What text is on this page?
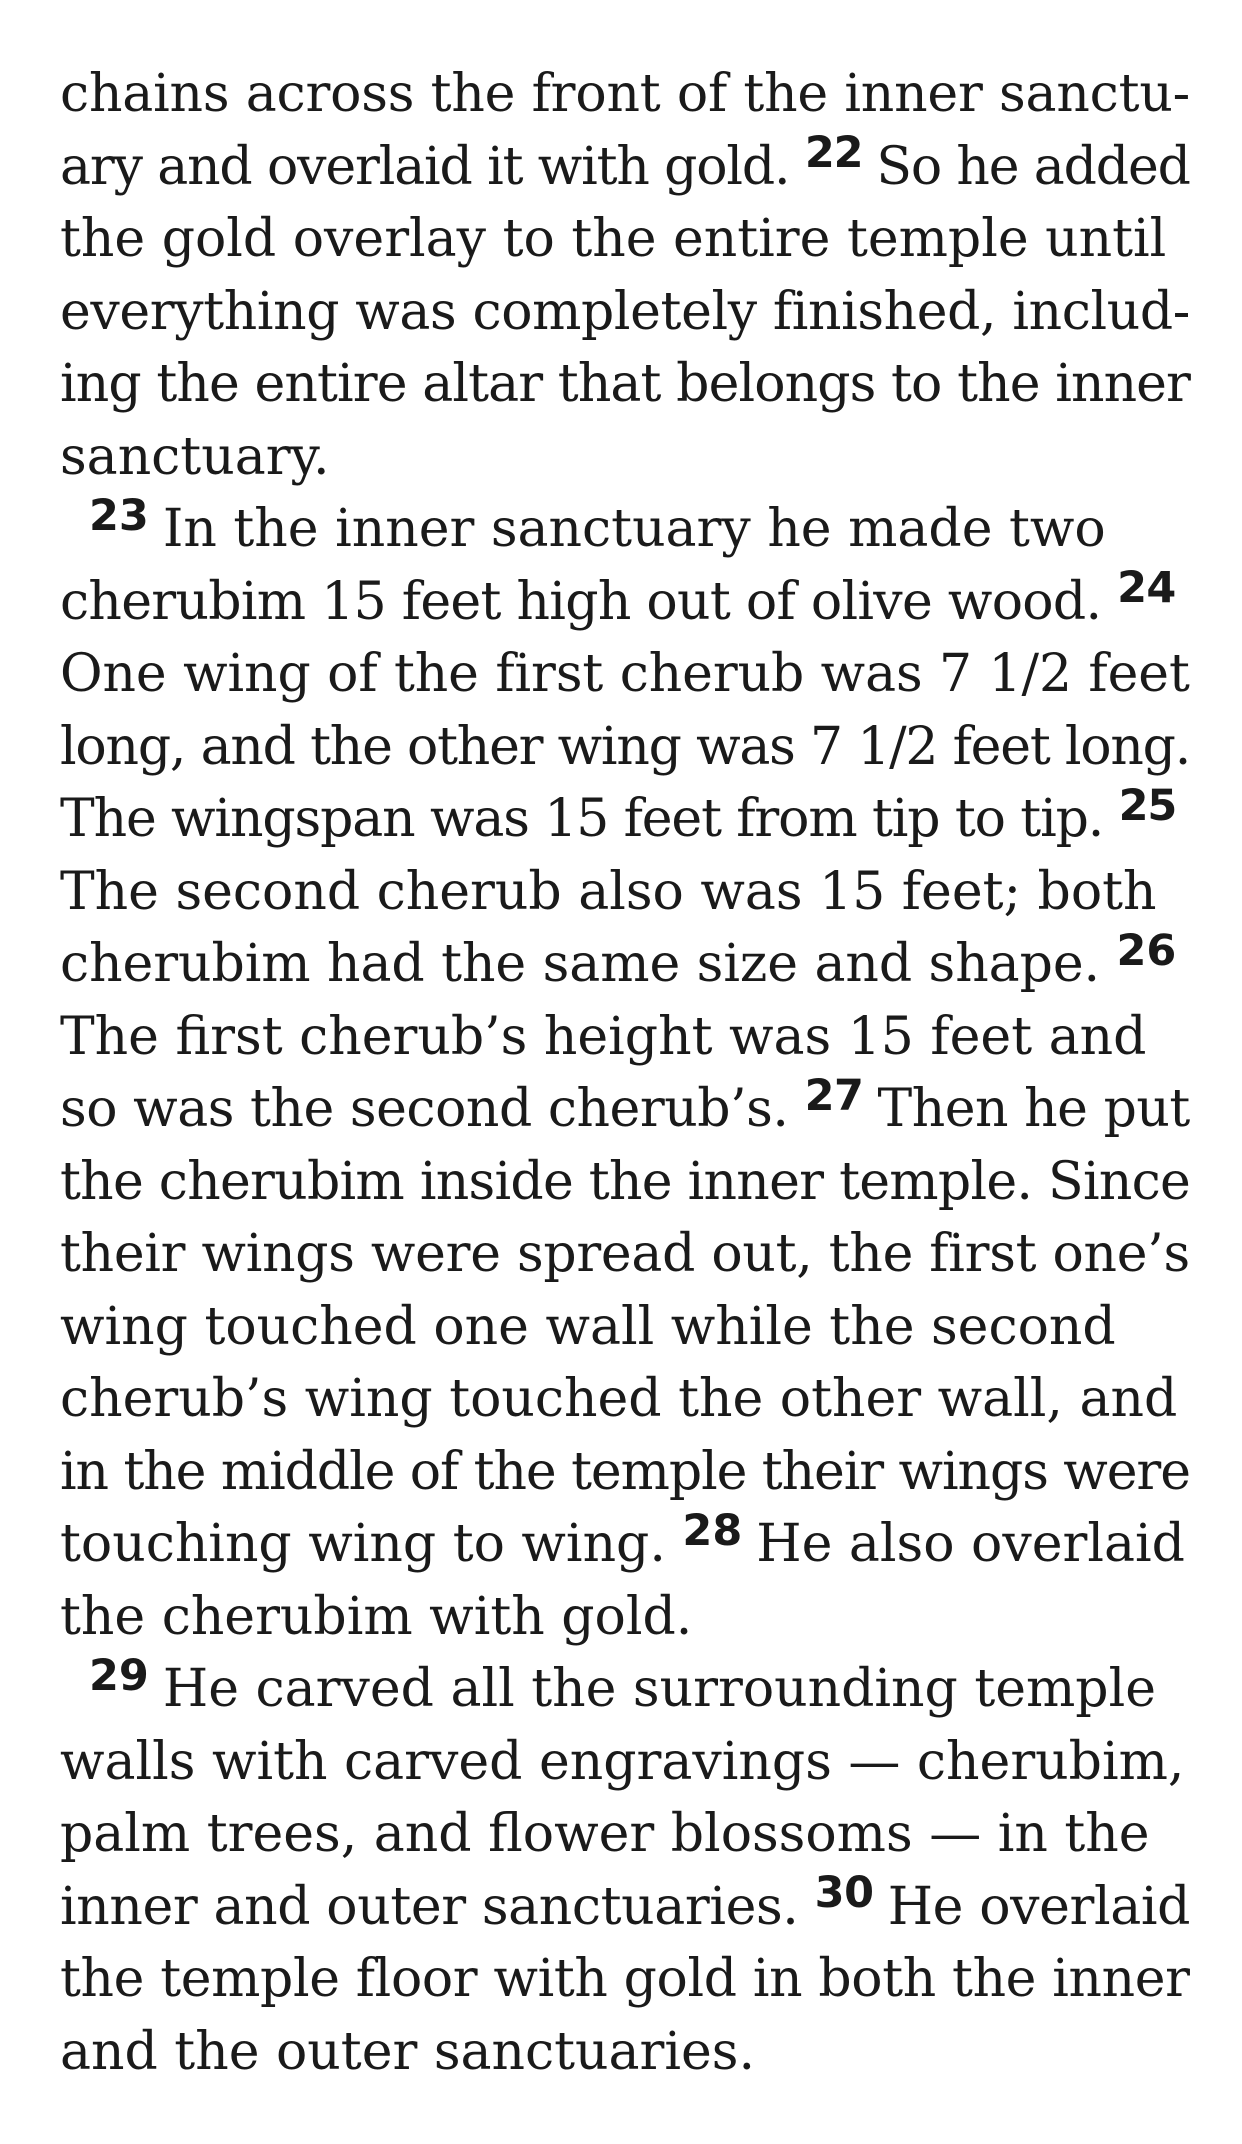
chains across the front of the inner sanctu-
ary and overlaid it with gold. $^{22}$ So he added
the gold overlay to the entire temple until
everything was completely finished, includ-
ing the entire altar that belongs to the inner
sanctuary.
$^{23}$ In the inner sanctuary he made two
cherubim 15 feet high out of olive wood. $^{24}$
One wing of the first cherub was 7 1/2 feet
long, and the other wing was 7 1/2 feet long.
The wingspan was 15 feet from tip to tip. $^{25}$
The second cherub also was 15 feet; both
cherubim had the same size and shape. $^{26}$
The first cherub’s height was 15 feet and
so was the second cherub’s. $^{27}$ Then he put
the cherubim inside the inner temple. Since
their wings were spread out, the first one’s
wing touched one wall while the second
cherub’s wing touched the other wall, and
in the middle of the temple their wings were
touching wing to wing. $^{28}$ He also overlaid
the cherubim with gold.
$^{29}$ He carved all the surrounding temple
walls with carved engravings — cherubim,
palm trees, and flower blossoms — in the
inner and outer sanctuaries. $^{30}$ He overlaid
the temple floor with gold in both the inner
and the outer sanctuaries.
